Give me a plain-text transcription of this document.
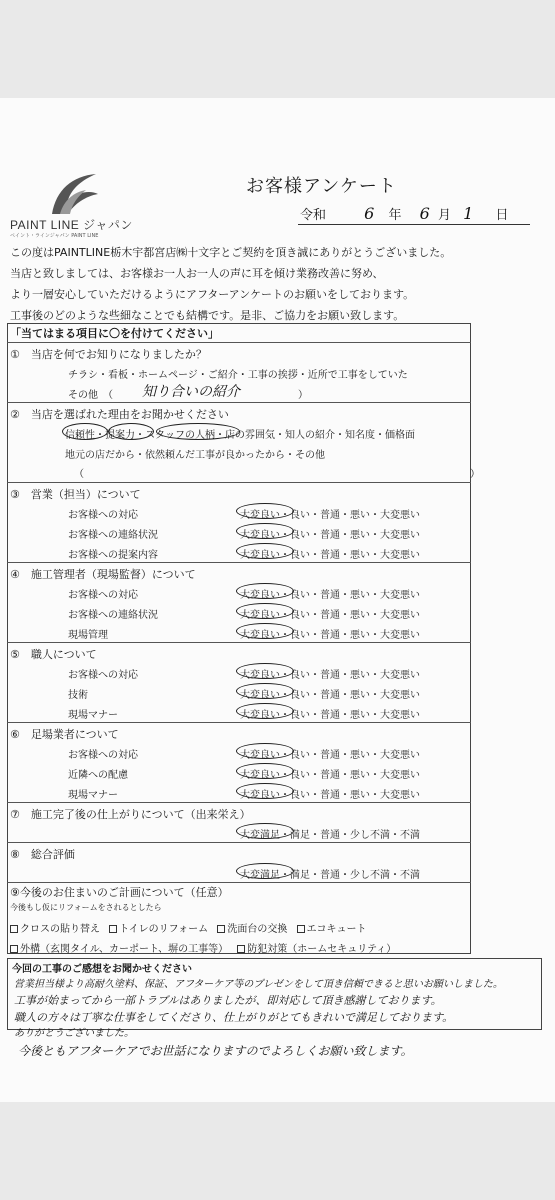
PAINT LINE ジャパン
ペイント・ラインジャパン PAINT LINE
お客様アンケート
令和 6 年 6 月 1 日
この度はPAINTLINE栃木宇都宮店㈱十文字とご契約を頂き誠にありがとうございました。
当店と致しましては、お客様お一人お一人の声に耳を傾け業務改善に努め、
より一層安心していただけるようにアフターアンケートのお願いをしております。
工事後のどのような些細なことでも結構です。是非、ご協力をお願い致します。
「当てはまる項目に〇を付けてください」
①　当店を何でお知りになりましたか？
チラシ・看板・ホームページ・ご紹介・工事の挨拶・近所で工事をしていた
その他　（ 知り合いの紹介	）
②　当店を選ばれた理由をお聞かせください
信頼性・提案力・スタッフの人柄・店の雰囲気・知人の紹介・知名度・価格面
地元の店だから・依然頼んだ工事が良かったから・その他
（	）
③　営業（担当）について
お客様への対応	大変良い・良い・普通・悪い・大変悪い
お客様への連絡状況	大変良い・良い・普通・悪い・大変悪い
お客様への提案内容	大変良い・良い・普通・悪い・大変悪い
④　施工管理者（現場監督）について
お客様への対応	大変良い・良い・普通・悪い・大変悪い
お客様への連絡状況	大変良い・良い・普通・悪い・大変悪い
現場管理	大変良い・良い・普通・悪い・大変悪い
⑤　職人について
お客様への対応	大変良い・良い・普通・悪い・大変悪い
技術	大変良い・良い・普通・悪い・大変悪い
現場マナー	大変良い・良い・普通・悪い・大変悪い
⑥　足場業者について
お客様への対応	大変良い・良い・普通・悪い・大変悪い
近隣への配慮	大変良い・良い・普通・悪い・大変悪い
現場マナー	大変良い・良い・普通・悪い・大変悪い
⑦　施工完了後の仕上がりについて（出来栄え）
大変満足・満足・普通・少し不満・不満
⑧　総合評価
大変満足・満足・普通・少し不満・不満
⑨今後のお住まいのご計画について（任意）
今後もし仮にリフォームをされるとしたら
クロスの貼り替え トイレのリフォーム 洗面台の交換 エコキュート
外構（玄関タイル、カーポート、塀の工事等） 防犯対策（ホームセキュリティ）
今回の工事のご感想をお聞かせください
営業担当様より高耐久塗料、保証、アフターケア等のプレゼンをして頂き信頼できると思いお願いしました。
工事が始まってから一部トラブルはありましたが、即対応して頂き感謝しております。
職人の方々は丁寧な仕事をしてくださり、仕上がりがとてもきれいで満足しております。
ありがとうございました。
今後ともアフターケアでお世話になりますのでよろしくお願い致します。
